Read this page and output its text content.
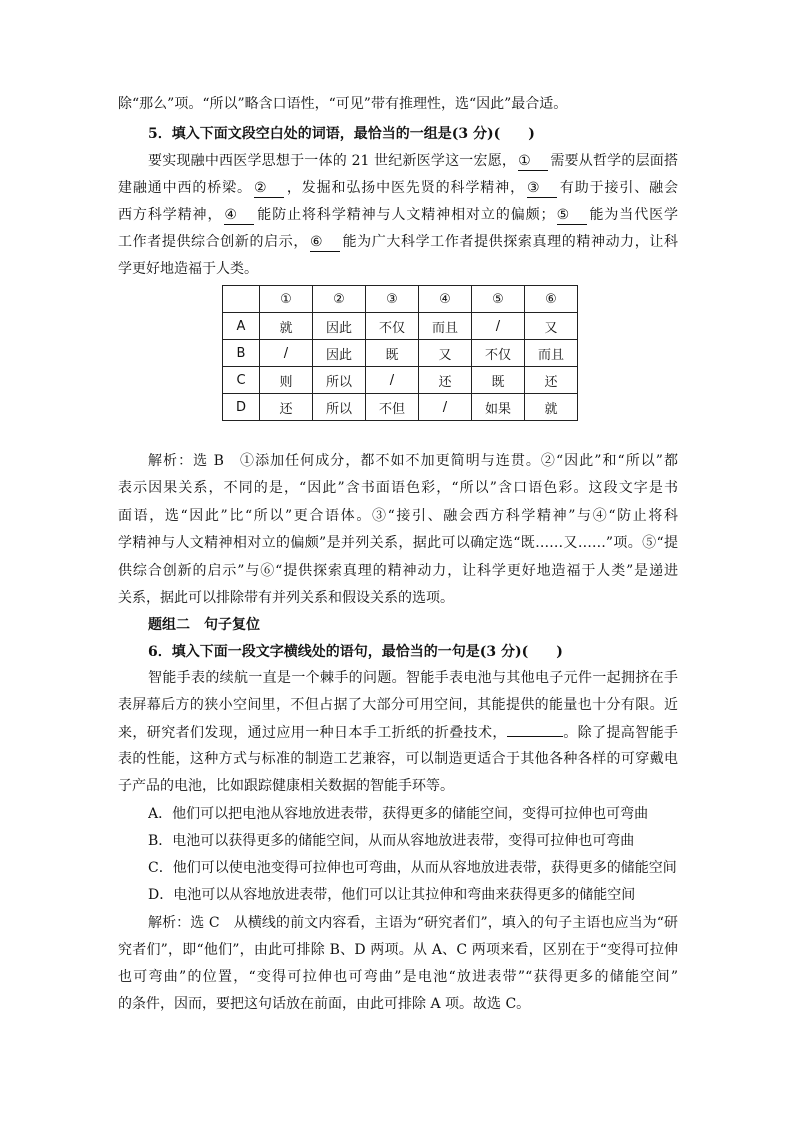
除“那么”项。“所以”略含口语性，“可见”带有推理性，选“因此”最合适。
5．填入下面文段空白处的词语，最恰当的一组是(3 分)(　　)
要实现融中西医学思想于一体的 21 世纪新医学这一宏愿， ① 需要从哲学的层面搭
建融通中西的桥梁。 ② ，发掘和弘扬中医先贤的科学精神， ③ 有助于接引、融会
西方科学精神， ④ 能防止将科学精神与人文精神相对立的偏颇； ⑤ 能为当代医学
工作者提供综合创新的启示， ⑥ 能为广大科学工作者提供探索真理的精神动力，让科
学更好地造福于人类。
	①	②	③	④	⑤	⑥
A	就	因此	不仅	而且	/	又
B	/	因此	既	又	不仅	而且
C	则	所以	/	还	既	还
D	还	所以	不但	/	如果	就
解析：选 B　①添加任何成分，都不如不加更简明与连贯。②“因此”和“所以”都
表示因果关系，不同的是，“因此”含书面语色彩，“所以”含口语色彩。这段文字是书
面语，选“因此”比“所以”更合语体。③“接引、融会西方科学精神”与④“防止将科
学精神与人文精神相对立的偏颇”是并列关系，据此可以确定选“既……又……”项。⑤“提
供综合创新的启示”与⑥“提供探索真理的精神动力，让科学更好地造福于人类”是递进
关系，据此可以排除带有并列关系和假设关系的选项。
题组二　句子复位
6．填入下面一段文字横线处的语句，最恰当的一句是(3 分)(　　)
智能手表的续航一直是一个棘手的问题。智能手表电池与其他电子元件一起拥挤在手
表屏幕后方的狭小空间里，不但占据了大部分可用空间，其能提供的能量也十分有限。近
来，研究者们发现，通过应用一种日本手工折纸的折叠技术，	。除了提高智能手
表的性能，这种方式与标准的制造工艺兼容，可以制造更适合于其他各种各样的可穿戴电
子产品的电池，比如跟踪健康相关数据的智能手环等。
A．他们可以把电池从容地放进表带，获得更多的储能空间，变得可拉伸也可弯曲
B．电池可以获得更多的储能空间，从而从容地放进表带，变得可拉伸也可弯曲
C．他们可以使电池变得可拉伸也可弯曲，从而从容地放进表带，获得更多的储能空间
D．电池可以从容地放进表带，他们可以让其拉伸和弯曲来获得更多的储能空间
解析：选 C　从横线的前文内容看，主语为“研究者们”，填入的句子主语也应当为“研
究者们”，即“他们”，由此可排除 B、D 两项。从 A、C 两项来看，区别在于“变得可拉伸
也可弯曲”的位置，“变得可拉伸也可弯曲”是电池“放进表带”“获得更多的储能空间”
的条件，因而，要把这句话放在前面，由此可排除 A 项。故选 C。
